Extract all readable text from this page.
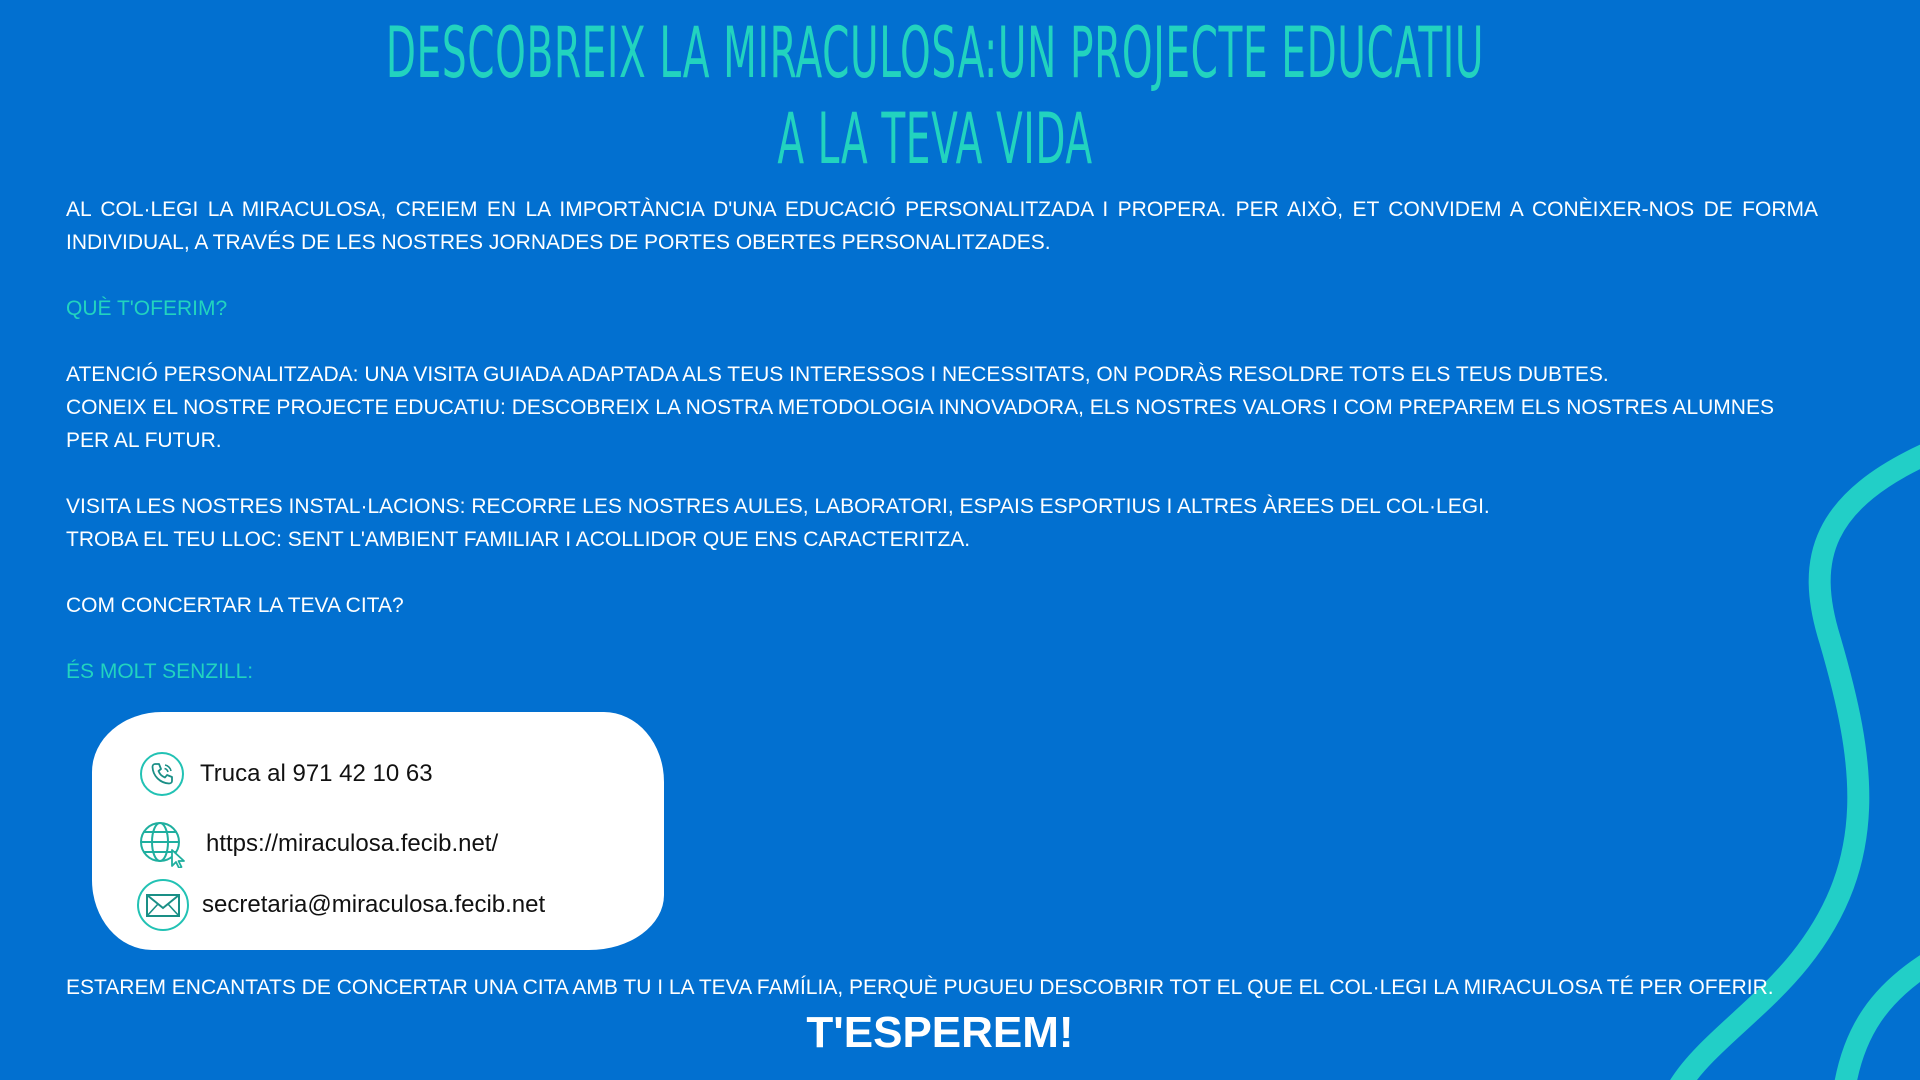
DESCOBREIX LA MIRACULOSA:UN PROJECTE EDUCATIU
A LA TEVA VIDA

AL COL·LEGI LA MIRACULOSA, CREIEM EN LA IMPORTÀNCIA D'UNA EDUCACIÓ PERSONALITZADA I PROPERA. PER AIXÒ, ET CONVIDEM A CONÈIXER-NOS DE FORMA INDIVIDUAL, A TRAVÉS DE LES NOSTRES JORNADES DE PORTES OBERTES PERSONALITZADES.

QUÈ T'OFERIM?

ATENCIÓ PERSONALITZADA: UNA VISITA GUIADA ADAPTADA ALS TEUS INTERESSOS I NECESSITATS, ON PODRÀS RESOLDRE TOTS ELS TEUS DUBTES.

CONEIX EL NOSTRE PROJECTE EDUCATIU: DESCOBREIX LA NOSTRA METODOLOGIA INNOVADORA, ELS NOSTRES VALORS I COM PREPAREM ELS NOSTRES ALUMNES PER AL FUTUR.

VISITA LES NOSTRES INSTAL·LACIONS: RECORRE LES NOSTRES AULES, LABORATORI, ESPAIS ESPORTIUS I ALTRES ÀREES DEL COL·LEGI.

TROBA EL TEU LLOC: SENT L'AMBIENT FAMILIAR I ACOLLIDOR QUE ENS CARACTERITZA.

COM CONCERTAR LA TEVA CITA?

ÉS MOLT SENZILL:

Truca al 971 42 10 63
https://miraculosa.fecib.net/
secretaria@miraculosa.fecib.net

ESTAREM ENCANTATS DE CONCERTAR UNA CITA AMB TU I LA TEVA FAMÍLIA, PERQUÈ PUGUEU DESCOBRIR TOT EL QUE EL COL·LEGI LA MIRACULOSA TÉ PER OFERIR.

T'ESPEREM!
